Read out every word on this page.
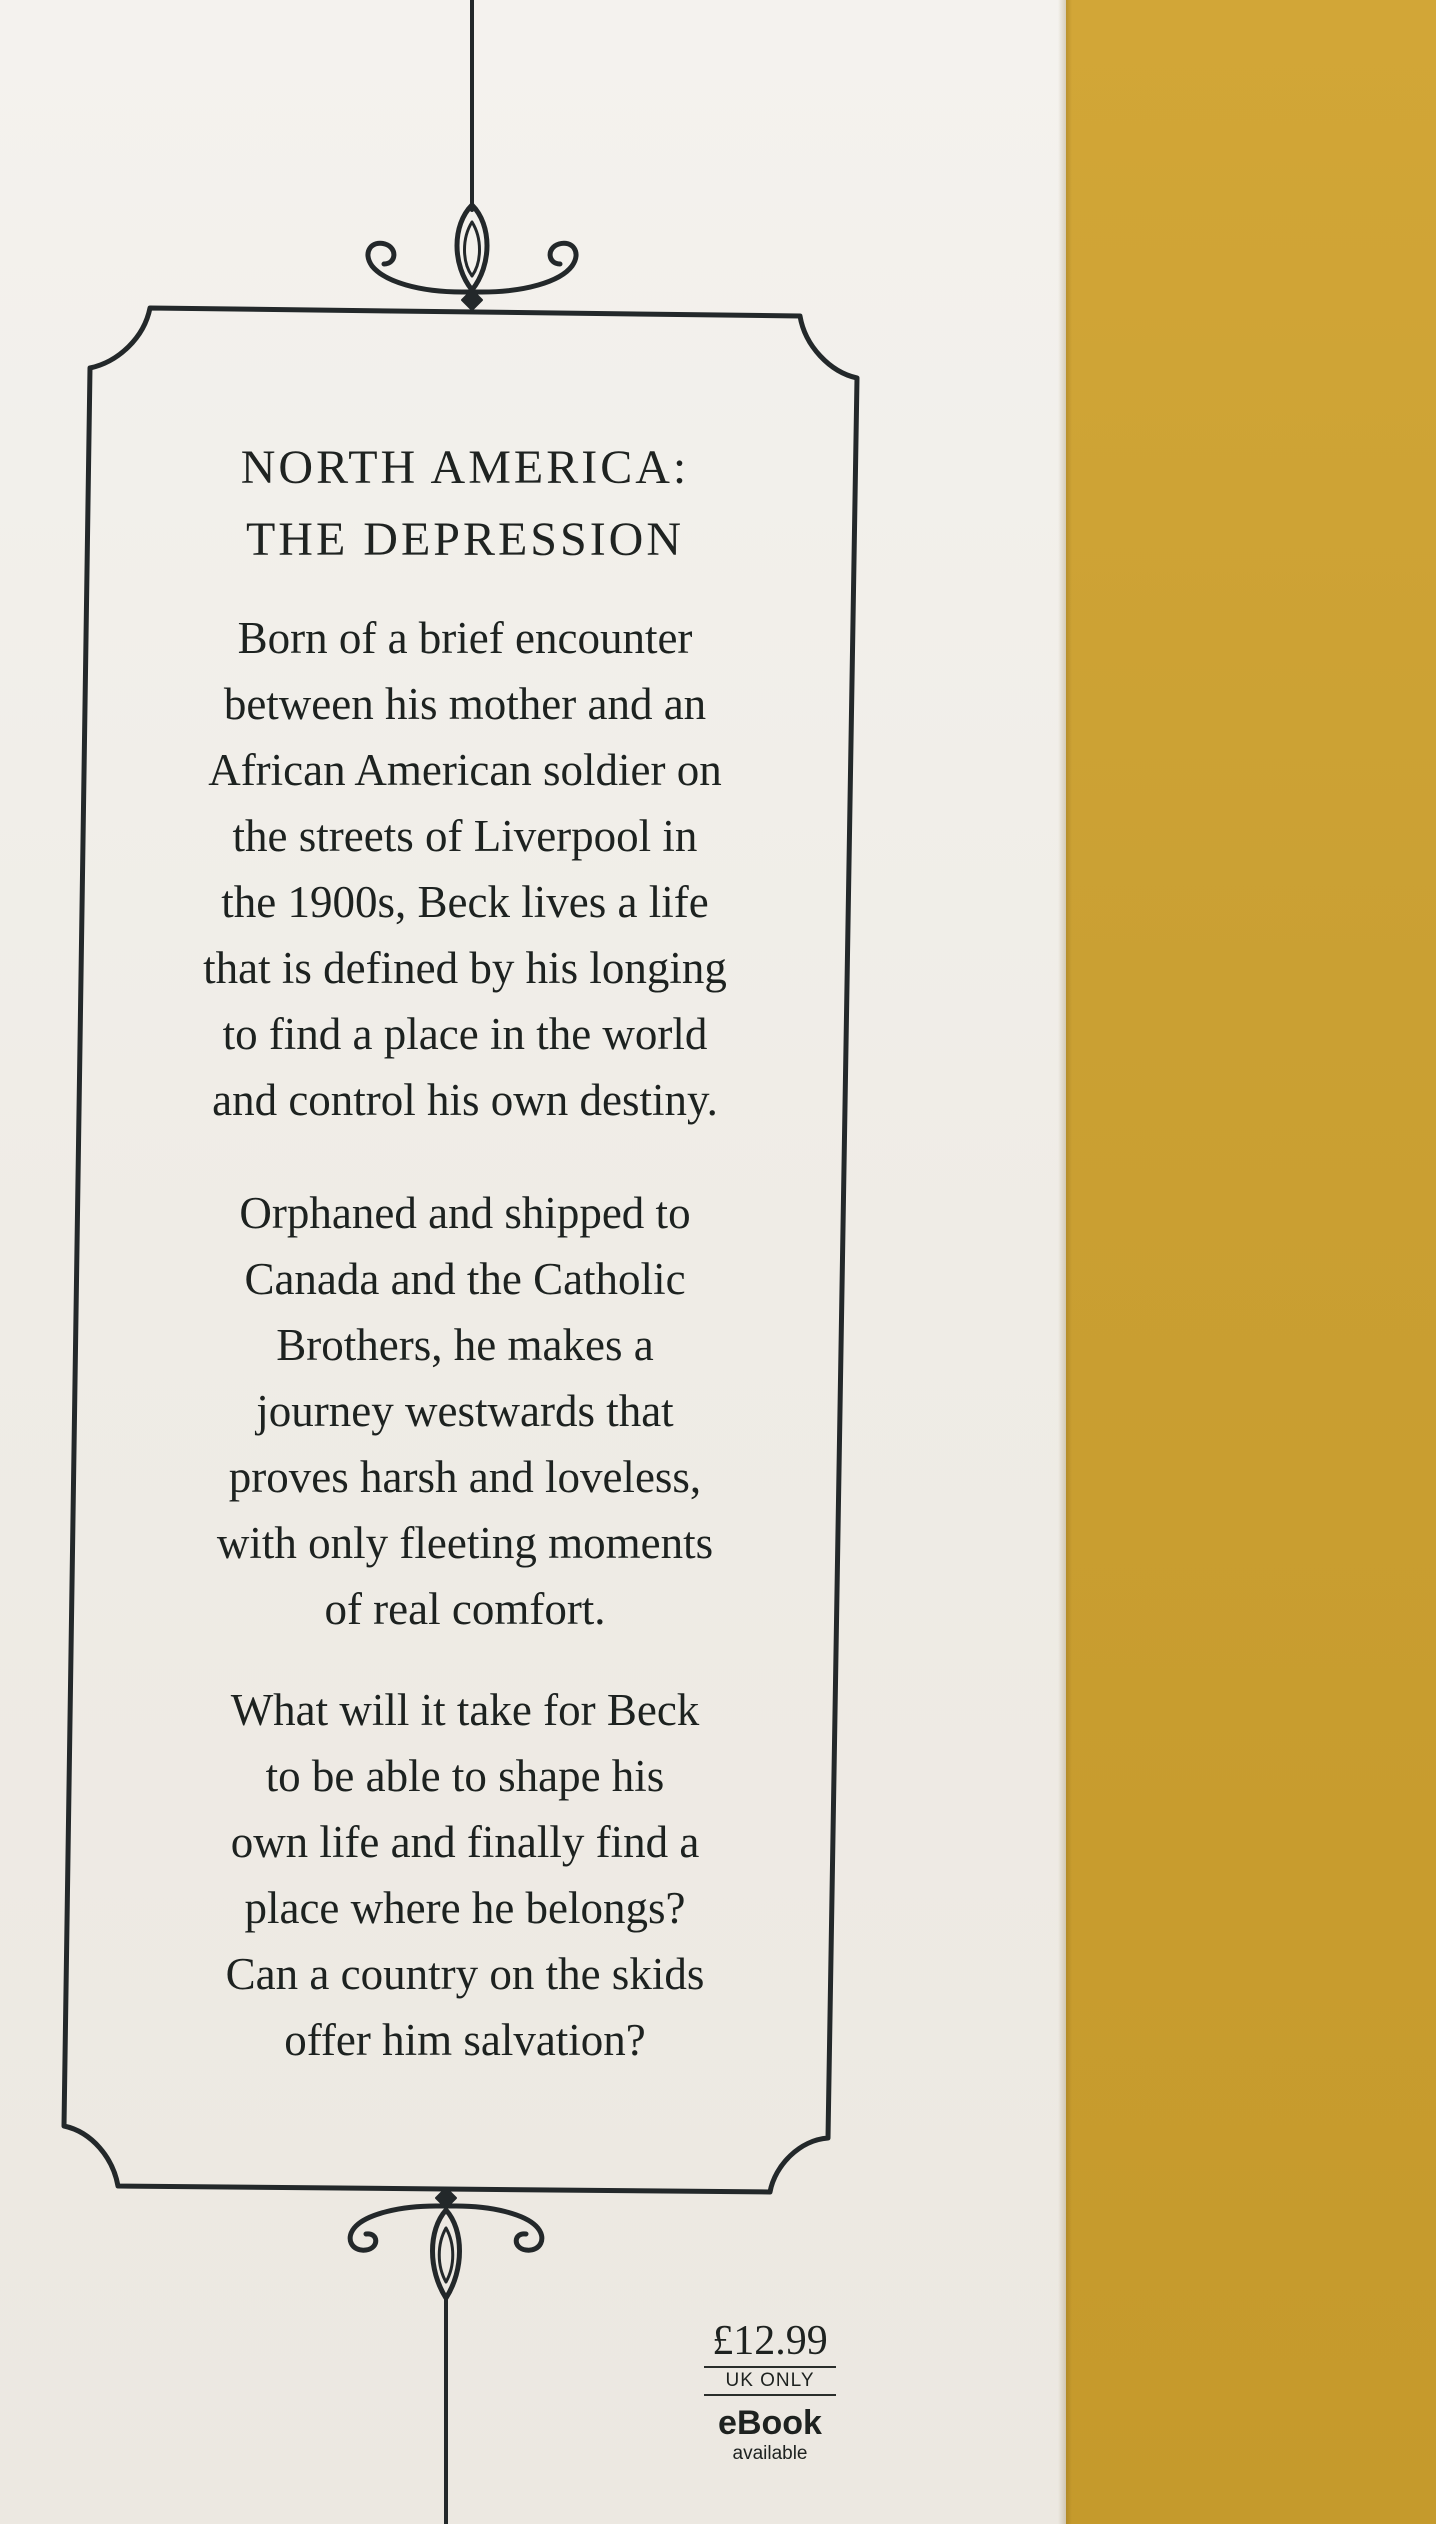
NORTH AMERICA:
THE DEPRESSION
Born of a brief encounter
between his mother and an
African American soldier on
the streets of Liverpool in
the 1900s, Beck lives a life
that is defined by his longing
to find a place in the world
and control his own destiny.
Orphaned and shipped to
Canada and the Catholic
Brothers, he makes a
journey westwards that
proves harsh and loveless,
with only fleeting moments
of real comfort.
What will it take for Beck
to be able to shape his
own life and finally find a
place where he belongs?
Can a country on the skids
offer him salvation?
£12.99
UK ONLY
eBook
available
